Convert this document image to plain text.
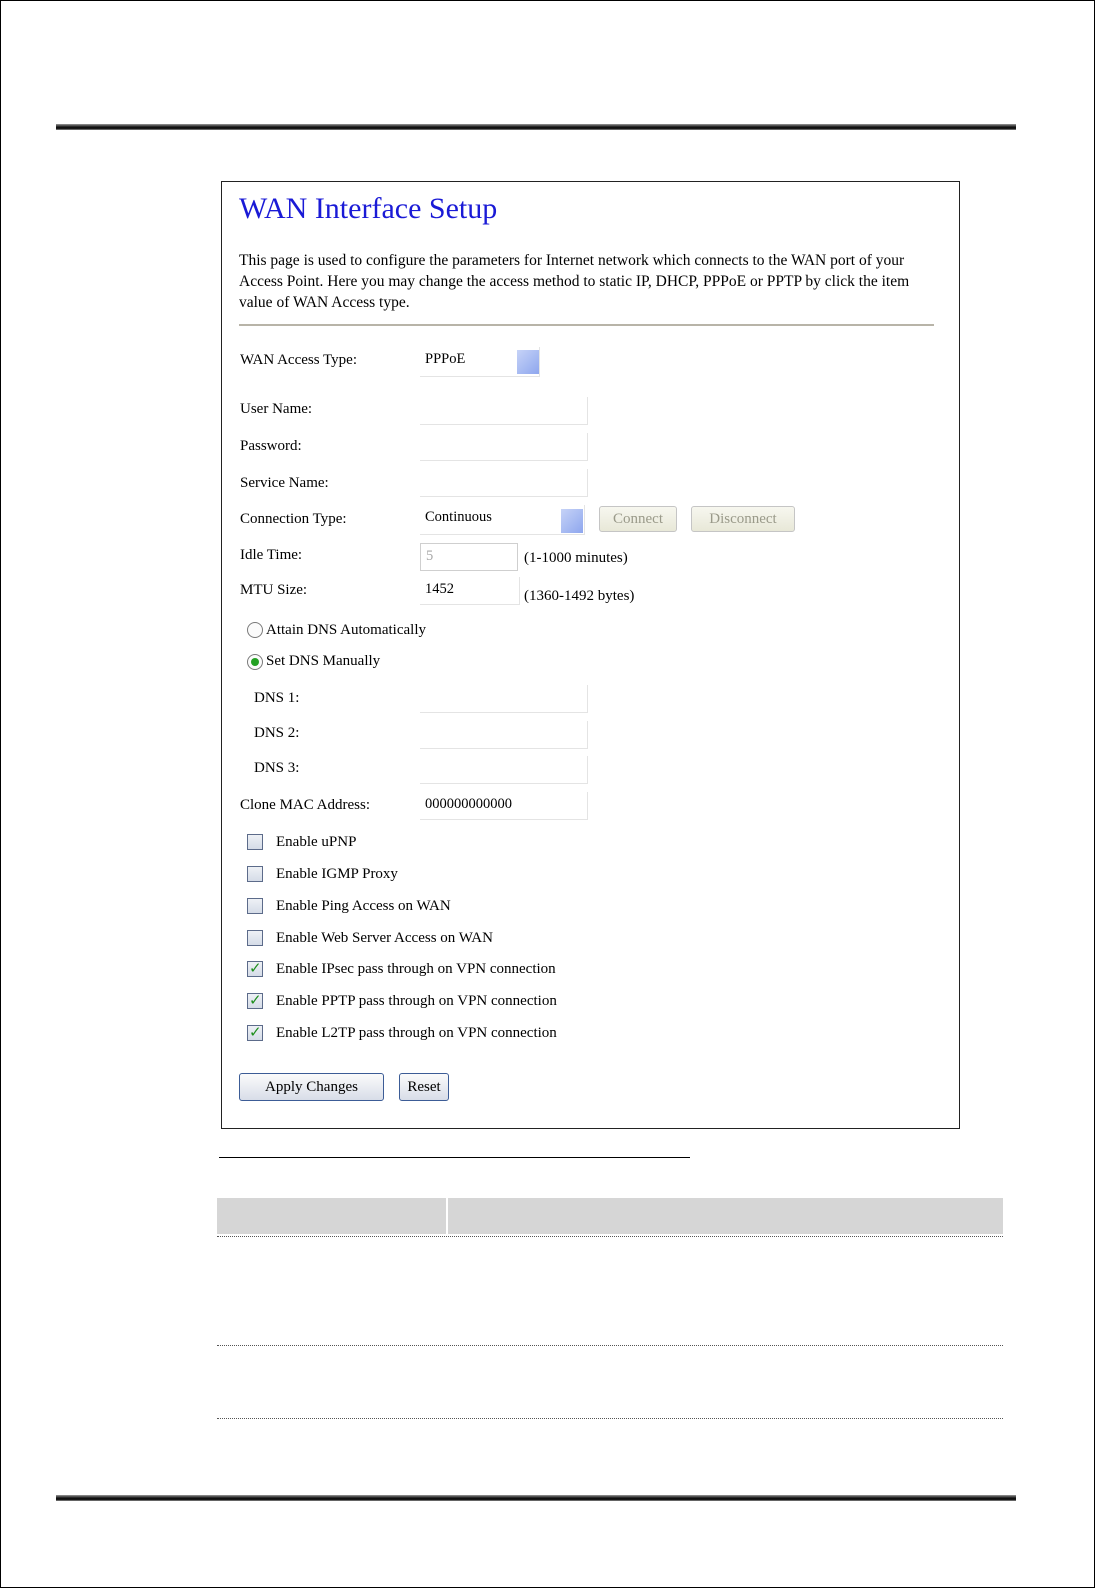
WAN Interface Setup
This page is used to configure the parameters for Internet network which connects to the WAN port of your Access Point. Here you may change the access method to static IP, DHCP, PPPoE or PPTP by click the item value of WAN Access type.
WAN Access Type:	PPPoE
User Name:
Password:
Service Name:
Connection Type:	Continuous	Connect	Disconnect
Idle Time:	5	(1-1000 minutes)
MTU Size:	1452	(1360-1492 bytes)
Attain DNS Automatically
Set DNS Manually
DNS 1:
DNS 2:
DNS 3:
Clone MAC Address:	000000000000
Enable uPNP
Enable IGMP Proxy
Enable Ping Access on WAN
Enable Web Server Access on WAN
✓
Enable IPsec pass through on VPN connection
✓
Enable PPTP pass through on VPN connection
✓
Enable L2TP pass through on VPN connection
Apply Changes	Reset
